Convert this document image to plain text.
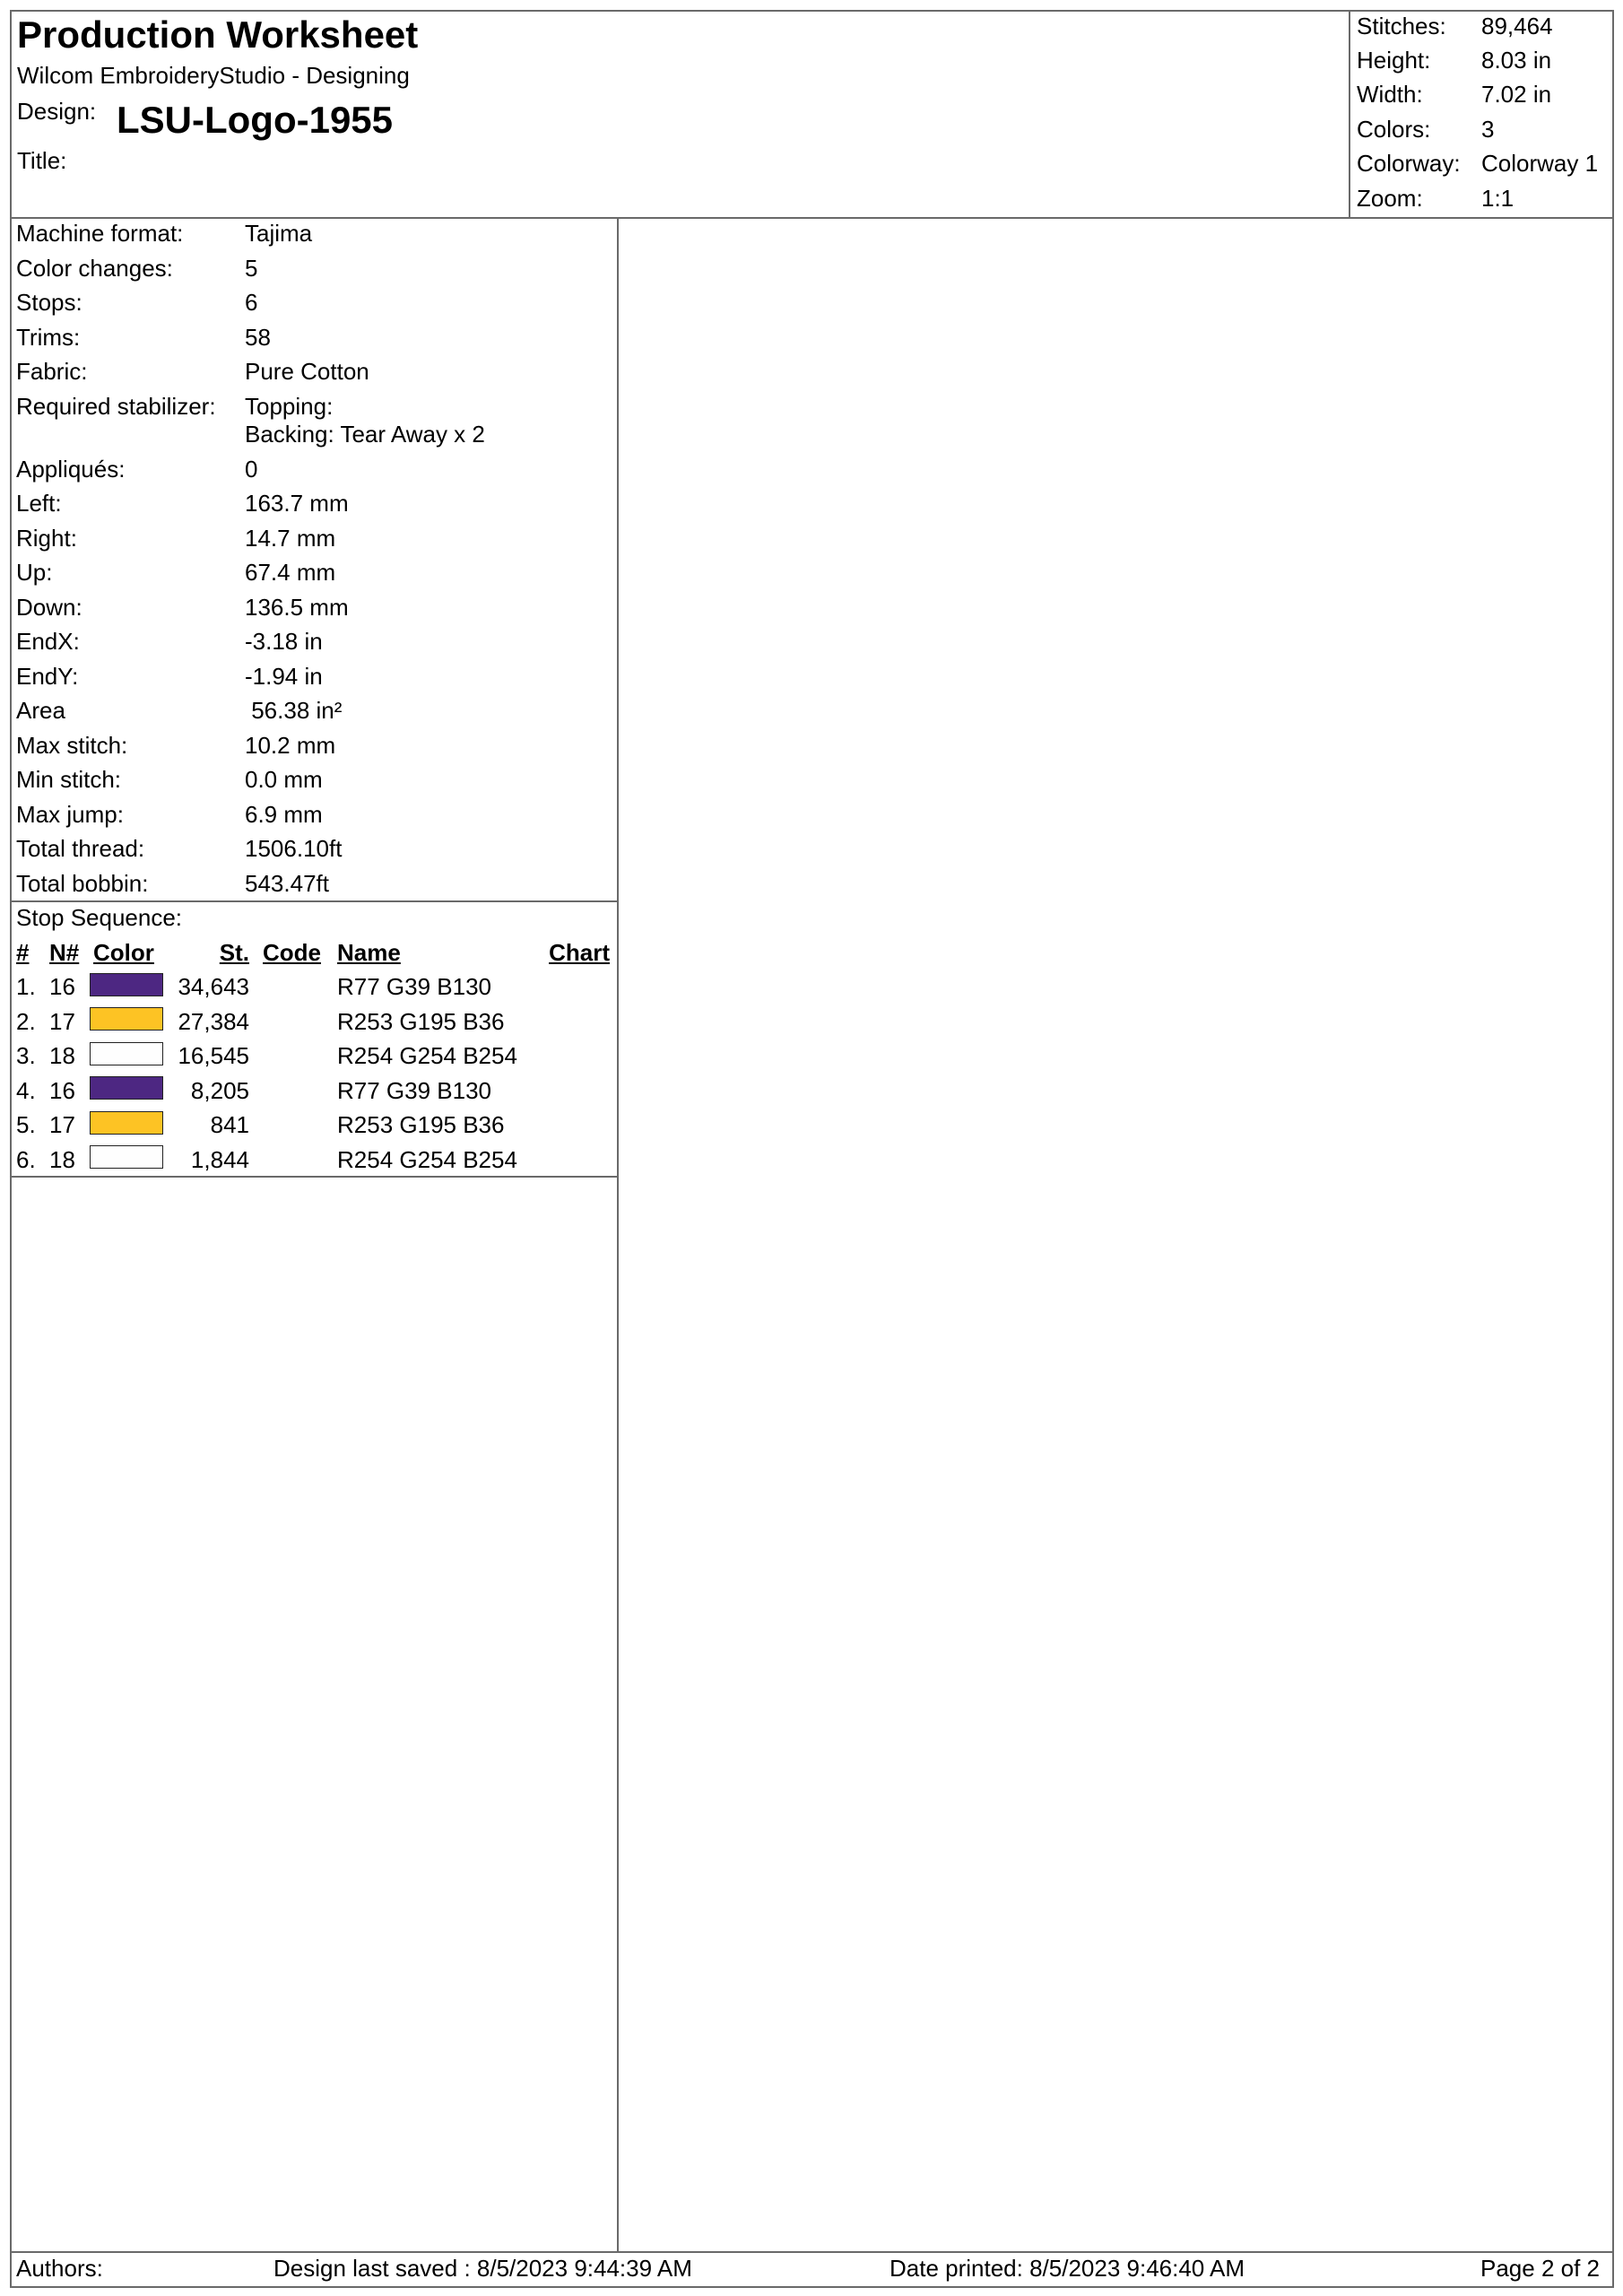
Production Worksheet
Wilcom EmbroideryStudio - Designing
Design: LSU-Logo-1955
Title:
Stitches: 89,464
Height: 8.03 in
Width:	7.02 in
Colors: 3
Colorway: Colorway 1
Zoom:	1:1
Machine format:	Tajima
Color changes:	5
Stops:	6
Trims:	58
Fabric:	Pure Cotton
Required stabilizer: Topping:
Backing: Tear Away x 2
Appliqués:	0
Left:	163.7 mm
Right:	14.7 mm
Up:	67.4 mm
Down:	136.5 mm
EndX:	-3.18 in
EndY:	-1.94 in
Area	56.38 in²
Max stitch:	10.2 mm
Min stitch:	0.0 mm
Max jump:	6.9 mm
Total thread:	1506.10ft
Total bobbin:	543.47ft
Stop Sequence:
# N# Color	St. Code Name	Chart
1. 16	34,643	R77 G39 B130
2. 17	27,384	R253 G195 B36
3. 18	16,545	R254 G254 B254
4. 16	8,205	R77 G39 B130
5. 17	841	R253 G195 B36
6. 18	1,844	R254 G254 B254
Authors:	Design last saved : 8/5/2023 9:44:39 AM	Date printed: 8/5/2023 9:46:40 AM	Page 2 of 2
